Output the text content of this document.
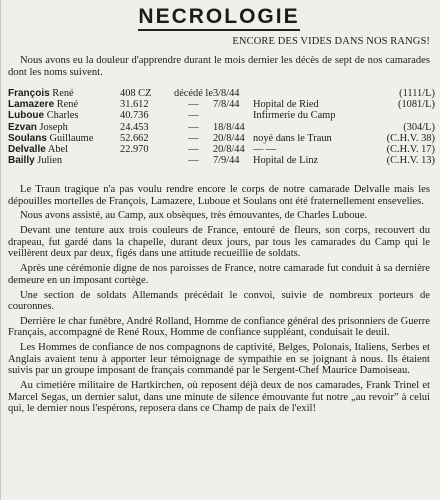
NECROLOGIE
ENCORE DES VIDES DANS NOS RANGS!

Nous avons eu la douleur d'apprendre durant le mois dernier les décès de sept de nos camarades dont les noms suivent.

François René	408 CZ	décédé le	3/8/44		(1111/L)
Lamazere René	31.612	—	7/8/44	Hopital de Ried	(1081/L)
Luboue Charles	40.736	—		Infirmerie du Camp	
Ezvan Joseph	24.453	—	18/8/44		(304/L)
Soulans Guillaume	52.662	—	20/8/44	noyé dans le Traun	(C.H.V. 38)
Delvalle Abel	22.970	—	20/8/44	— —	(C.H.V. 17)
Bailly Julien		—	7/9/44	Hopital de Linz	(C.H.V. 13)

Le Traun tragique n'a pas voulu rendre encore le corps de notre camarade Delvalle mais les dépouilles mortelles de François, Lamazere, Luboue et Soulans ont été fraternellement ensevelies.

Nous avons assisté, au Camp, aux obsèques, très émouvantes, de Charles Luboue.

Devant une tenture aux trois couleurs de France, entouré de fleurs, son corps, recouvert du drapeau, fut gardé dans la chapelle, durant deux jours, par tous les camarades du Camp qui le veillèrent deux par deux, figés dans une attitude recueillie de soldats.

Après une cérémonie digne de nos paroisses de France, notre camarade fut conduit à sa dernière demeure en un imposant cortège.

Une section de soldats Allemands précédait le convoi, suivie de nombreux porteurs de couronnes.

Derrière le char funèbre, André Rolland, Homme de confiance général des prisonniers de Guerre Français, accompagné de René Roux, Homme de confiance suppléant, conduisait le deuil.

Les Hommes de confiance de nos compagnons de captivité, Belges, Polonais, Italiens, Serbes et Anglais avaient tenu à apporter leur témoignage de sympathie en se joignant à nous. Ils étaient suivis par un groupe imposant de français commandé par le Sergent-Chef Maurice Damoiseau.

Au cimetière militaire de Hartkirchen, où reposent déjà deux de nos camarades, Frank Trinel et Marcel Segas, un dernier salut, dans une minute de silence émouvante fut notre „au revoir” à celui qui, le dernier nous l'espérons, reposera dans ce Champ de paix de l'exil!
